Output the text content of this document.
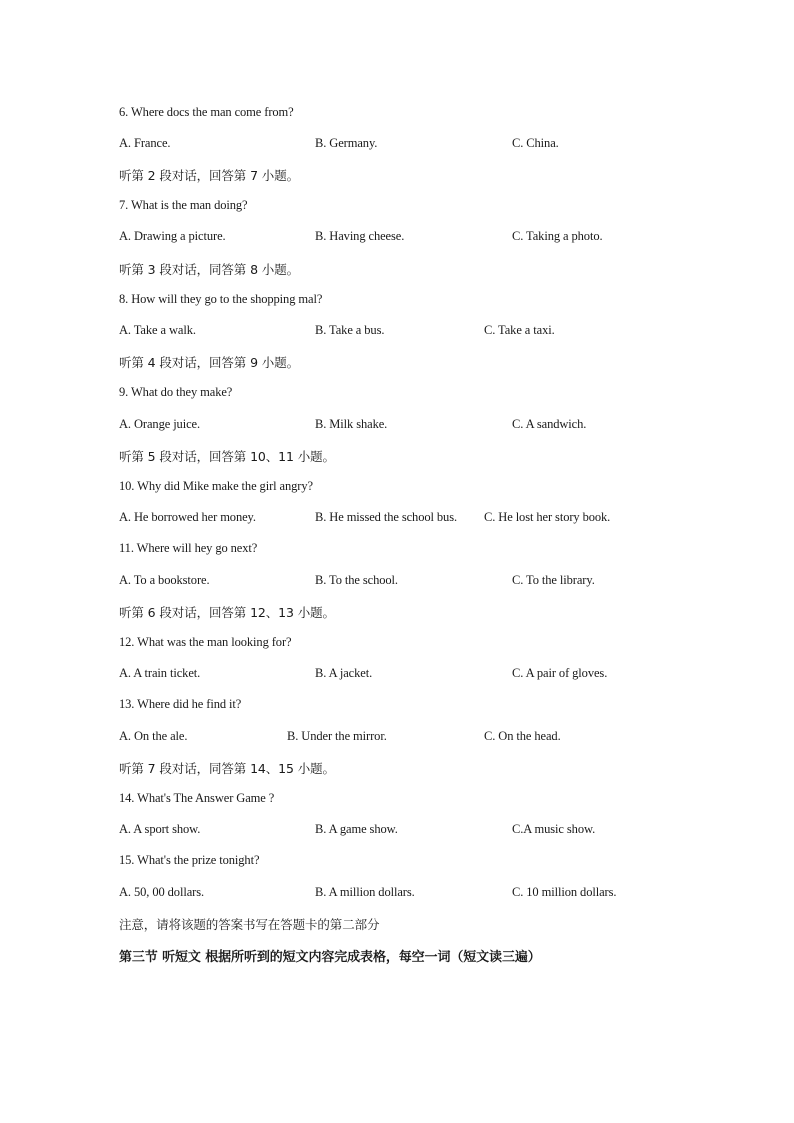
6. Where docs the man come from?
A. France.	B. Germany.	C. China.
听第 2 段对话，回答第 7 小题。
7. What is the man doing?
A. Drawing a picture.	B. Having cheese.	C. Taking a photo.
听第 3 段对话，同答第 8 小题。
8. How will they go to the shopping mal?
A. Take a walk.	B. Take a bus.	C. Take a taxi.
听第 4 段对话，回答第 9 小题。
9. What do they make?
A. Orange juice.	B. Milk shake.	C. A sandwich.
听第 5 段对话，回答第 10、11 小题。
10. Why did Mike make the girl angry?
A. He borrowed her money.	B. He missed the school bus. C. He lost her story book.
11. Where will hey go next?
A. To a bookstore.	B. To the school.	C. To the library.
听第 6 段对话，回答第 12、13 小题。
12. What was the man looking for?
A. A train ticket.	B. A jacket.	C. A pair of gloves.
13. Where did he find it?
A. On the ale.	B. Under the mirror.	C. On the head.
听第 7 段对话，同答第 14、15 小题。
14. What's The Answer Game ?
A. A sport show.	B. A game show.	C.A music show.
15. What's the prize tonight?
A. 50, 00 dollars.	B. A million dollars.	C. 10 million dollars.
注意，请将该题的答案书写在答题卡的第二部分
第三节 听短文 根据所听到的短文内容完成表格，每空一词（短文读三遍）
